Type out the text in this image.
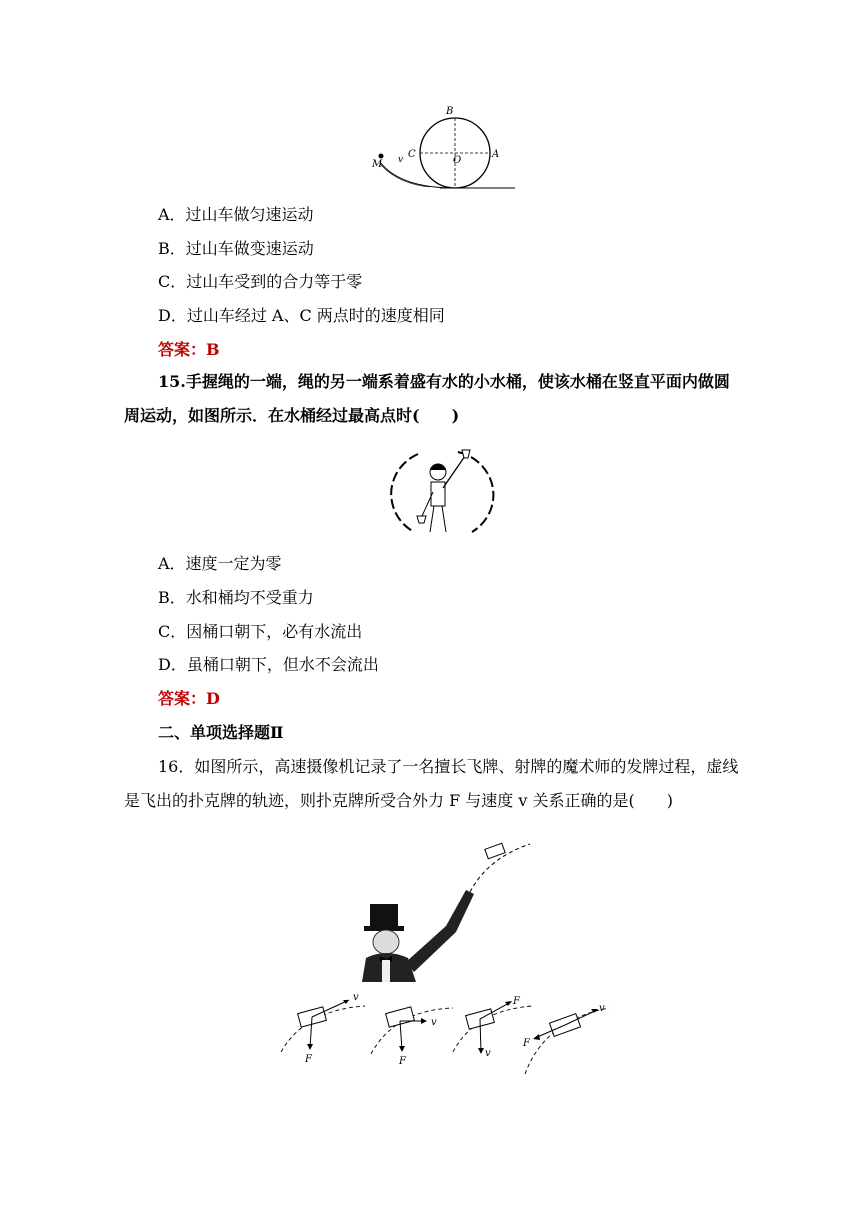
B
C
O
A
M v
A．过山车做匀速运动
B．过山车做变速运动
C．过山车受到的合力等于零
D．过山车经过 A、C 两点时的速度相同
答案：B
15.手握绳的一端，绳的另一端系着盛有水的小水桶，使该水桶在竖直平面内做圆周运动，如图所示．在水桶经过最高点时(　　)
A．速度一定为零
B．水和桶均不受重力
C．因桶口朝下，必有水流出
D．虽桶口朝下，但水不会流出
答案：D
二、单项选择题Ⅱ
16．如图所示，高速摄像机记录了一名擅长飞牌、射牌的魔术师的发牌过程，虚线是飞出的扑克牌的轨迹，则扑克牌所受合外力 F 与速度 v 关系正确的是(　　)
v
F
v
F
F
v
v
F
